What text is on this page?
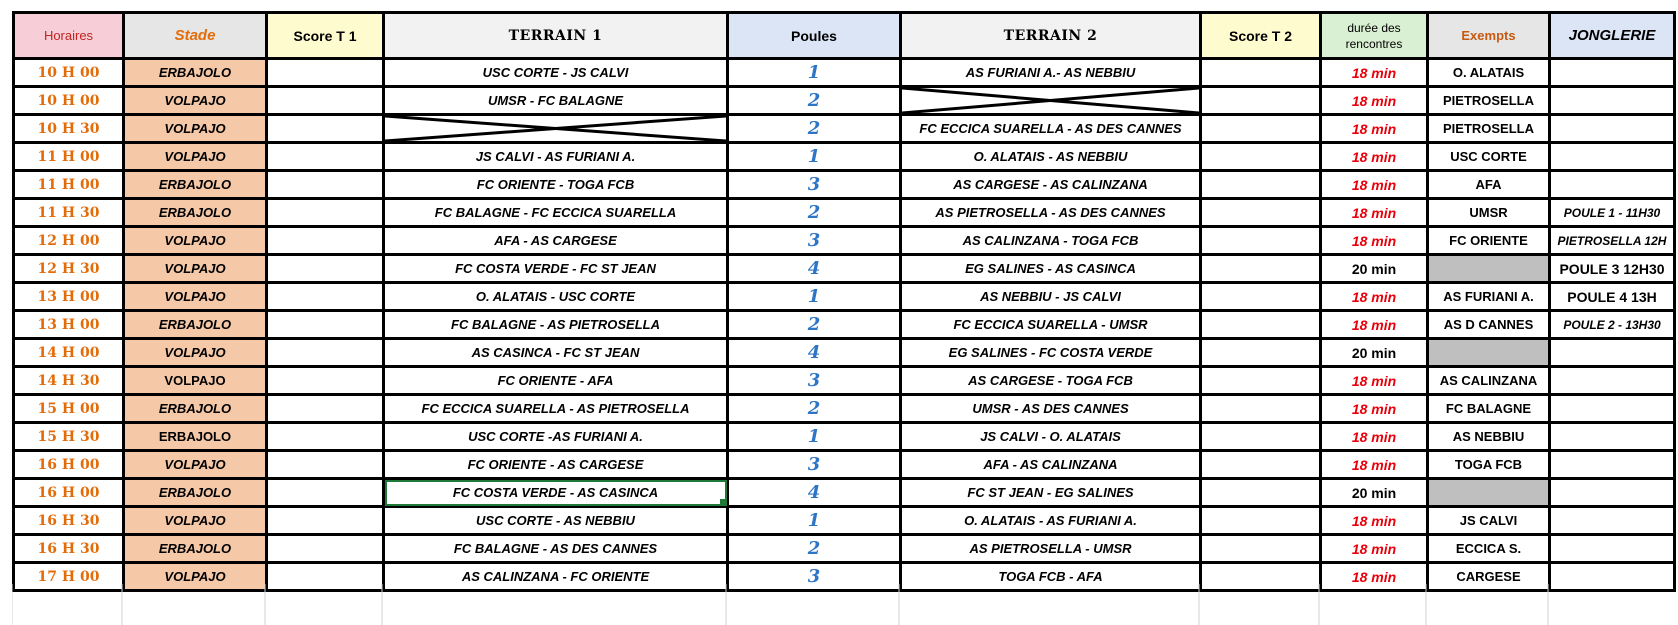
Horaires	Stade	Score T 1	TERRAIN 1	Poules	TERRAIN 2	Score T 2	durée des rencontres	Exempts	JONGLERIE
10 H 00	ERBAJOLO		USC CORTE - JS CALVI	1	AS FURIANI A.- AS NEBBIU		18 min	O. ALATAIS	
10 H 00	VOLPAJO		UMSR - FC BALAGNE	2			18 min	PIETROSELLA	
10 H 30	VOLPAJO			2	FC ECCICA SUARELLA - AS DES CANNES		18 min	PIETROSELLA	
11 H 00	VOLPAJO		JS CALVI - AS FURIANI A.	1	O. ALATAIS - AS NEBBIU		18 min	USC CORTE	
11 H 00	ERBAJOLO		FC ORIENTE - TOGA FCB	3	AS CARGESE - AS CALINZANA		18 min	AFA	
11 H 30	ERBAJOLO		FC BALAGNE - FC ECCICA SUARELLA	2	AS PIETROSELLA - AS DES CANNES		18 min	UMSR	POULE 1 - 11H30
12 H 00	VOLPAJO		AFA - AS CARGESE	3	AS CALINZANA - TOGA FCB		18 min	FC ORIENTE	PIETROSELLA 12H
12 H 30	VOLPAJO		FC COSTA VERDE - FC ST JEAN	4	EG SALINES - AS CASINCA		20 min		POULE 3 12H30
13 H 00	VOLPAJO		O. ALATAIS - USC CORTE	1	AS NEBBIU - JS CALVI		18 min	AS FURIANI A.	POULE 4 13H
13 H 00	ERBAJOLO		FC BALAGNE - AS PIETROSELLA	2	FC ECCICA SUARELLA - UMSR		18 min	AS D CANNES	POULE 2 - 13H30
14 H 00	VOLPAJO		AS CASINCA - FC ST JEAN	4	EG SALINES - FC COSTA VERDE		20 min		
14 H 30	VOLPAJO		FC ORIENTE - AFA	3	AS CARGESE - TOGA FCB		18 min	AS CALINZANA	
15 H 00	ERBAJOLO		FC ECCICA SUARELLA - AS PIETROSELLA	2	UMSR - AS DES CANNES		18 min	FC BALAGNE	
15 H 30	ERBAJOLO		USC CORTE -AS FURIANI A.	1	JS CALVI - O. ALATAIS		18 min	AS NEBBIU	
16 H 00	VOLPAJO		FC ORIENTE - AS CARGESE	3	AFA - AS CALINZANA		18 min	TOGA FCB	
16 H 00	ERBAJOLO		FC COSTA VERDE - AS CASINCA	4	FC ST JEAN - EG SALINES		20 min		
16 H 30	VOLPAJO		USC CORTE - AS NEBBIU	1	O. ALATAIS - AS FURIANI A.		18 min	JS CALVI	
16 H 30	ERBAJOLO		FC BALAGNE - AS DES CANNES	2	AS PIETROSELLA - UMSR		18 min	ECCICA S.	
17 H 00	VOLPAJO		AS CALINZANA - FC ORIENTE	3	TOGA FCB - AFA		18 min	CARGESE	
